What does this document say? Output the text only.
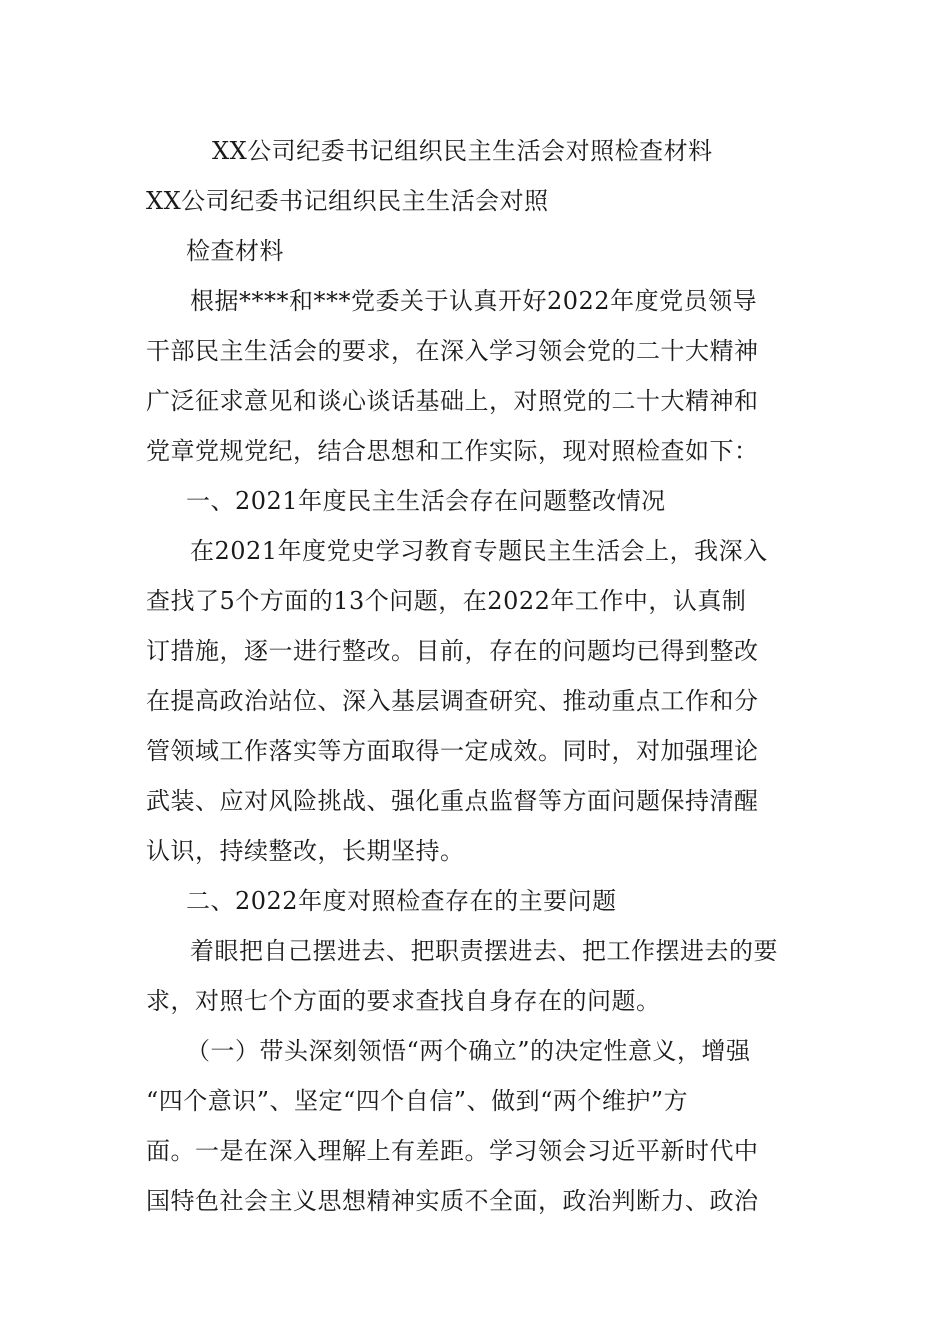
XX公司纪委书记组织民主生活会对照检查材料
XX公司纪委书记组织民主生活会对照
检查材料
根据****和***党委关于认真开好2022年度党员领导
干部民主生活会的要求，在深入学习领会党的二十大精神
广泛征求意见和谈心谈话基础上，对照党的二十大精神和
党章党规党纪，结合思想和工作实际，现对照检查如下：
一、2021年度民主生活会存在问题整改情况
在2021年度党史学习教育专题民主生活会上，我深入
查找了5个方面的13个问题，在2022年工作中，认真制
订措施，逐一进行整改。目前，存在的问题均已得到整改
在提高政治站位、深入基层调查研究、推动重点工作和分
管领域工作落实等方面取得一定成效。同时，对加强理论
武装、应对风险挑战、强化重点监督等方面问题保持清醒
认识，持续整改，长期坚持。
二、2022年度对照检查存在的主要问题
着眼把自己摆进去、把职责摆进去、把工作摆进去的要
求，对照七个方面的要求查找自身存在的问题。
（一）带头深刻领悟“两个确立”的决定性意义，增强
“四个意识”、坚定“四个自信”、做到“两个维护”方
面。一是在深入理解上有差距。学习领会习近平新时代中
国特色社会主义思想精神实质不全面，政治判断力、政治
